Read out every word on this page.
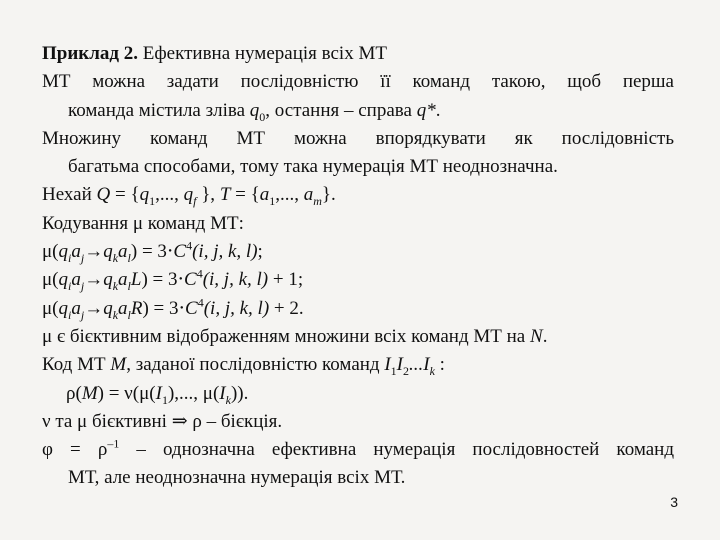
Приклад 2. Ефективна нумерація всіх МТ

МТ можна задати послідовністю її команд такою, щоб перша

команда містила зліва $q_0$, остання – справа q*.

Множину команд МТ можна впорядкувати як послідовність

багатьма способами, тому така нумерація МТ неоднозначна.

Нехай $Q = \{q_1$,..., $q_f$ }, $T = \{a_1$,..., $a_m$}.

Кодування μ команд МТ:

$\mu(q_ia_j\to q_ka_l) = 3\cdot C^4(i$, j, k, l);

$\mu(q_ia_j\to q_ka_lL) = 3\cdot C^4(i$, j, k, l) + 1;

$\mu(q_ia_j\to q_ka_lR) = 3\cdot C^4(i$, j, k, l) + 2.

μ є бієктивним відображенням множини всіх команд МТ на N.

Код МТ M, заданої послідовністю команд $I_1I_2...I_k$ :

$\rho(M) = \nu(\mu(I_1)$,..., $\mu(I_k)$).

ν та μ бієктивні ⇒ ρ – бієкція.

$\varphi = \rho^{-1}$ – однозначна ефективна нумерація послідовностей команд

МТ, але неоднозначна нумерація всіх МТ.

3
